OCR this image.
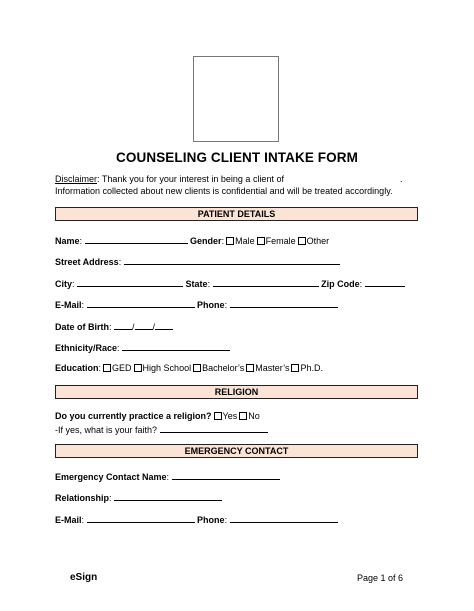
COUNSELING CLIENT INTAKE FORM
Disclaimer: Thank you for your interest in being a client of	.
Information collected about new clients is confidential and will be treated accordingly.
PATIENT DETAILS
Name:	Gender: Male Female Other
Street Address:
City:	State:	Zip Code:
E-Mail:	Phone:
Date of Birth: / /
Ethnicity/Race:
Education: GED High School Bachelor’s Master’s Ph.D.
RELIGION
Do you currently practice a religion? Yes No
-If yes, what is your faith?
EMERGENCY CONTACT
Emergency Contact Name:
Relationship:
E-Mail:	Phone:
eSign	Page 1 of 6
